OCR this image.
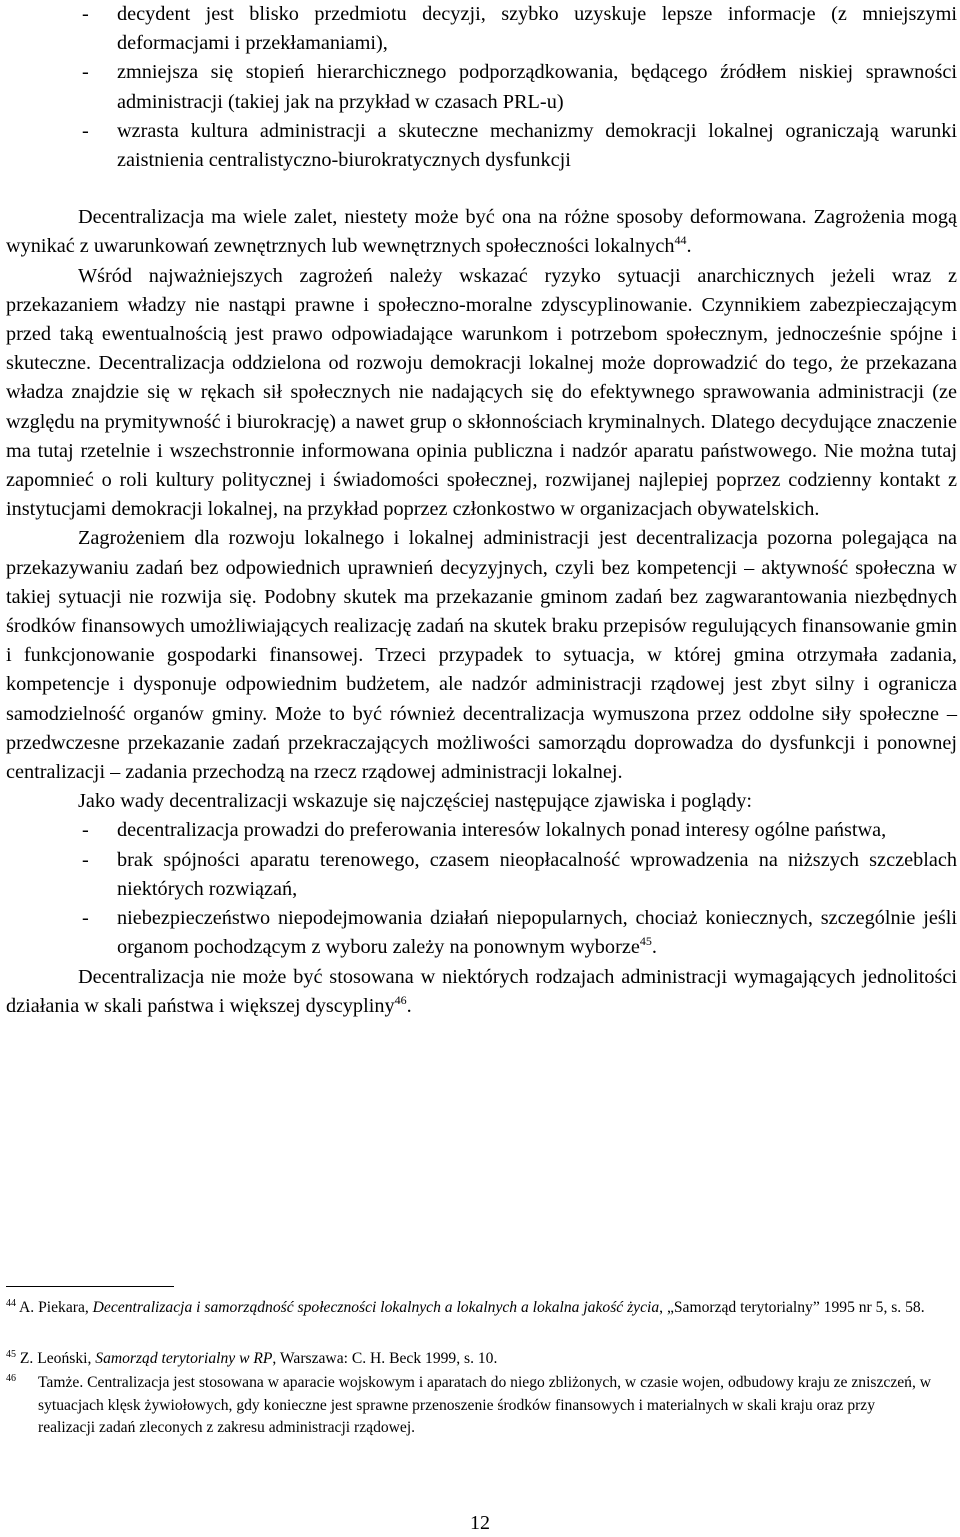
-	decydent jest blisko przedmiotu decyzji, szybko uzyskuje lepsze informacje (z mniejszymi deformacjami i przekłamaniami),
-	zmniejsza się stopień hierarchicznego podporządkowania, będącego źródłem niskiej sprawności administracji (takiej jak na przykład w czasach PRL-u)
-	wzrasta kultura administracji a skuteczne mechanizmy demokracji lokalnej ograniczają warunki zaistnienia centralistyczno-biurokratycznych dysfunkcji

Decentralizacja ma wiele zalet, niestety może być ona na różne sposoby deformowana. Zagrożenia mogą wynikać z uwarunkowań zewnętrznych lub wewnętrznych społeczności lokalnych$^{44}$.

Wśród najważniejszych zagrożeń należy wskazać ryzyko sytuacji anarchicznych jeżeli wraz z przekazaniem władzy nie nastąpi prawne i społeczno-moralne zdyscyplinowanie. Czynnikiem zabezpieczającym przed taką ewentualnością jest prawo odpowiadające warunkom i potrzebom społecznym, jednocześnie spójne i skuteczne. Decentralizacja oddzielona od rozwoju demokracji lokalnej może doprowadzić do tego, że przekazana władza znajdzie się w rękach sił społecznych nie nadających się do efektywnego sprawowania administracji (ze względu na prymitywność i biurokrację) a nawet grup o skłonnościach kryminalnych. Dlatego decydujące znaczenie ma tutaj rzetelnie i wszechstronnie informowana opinia publiczna i nadzór aparatu państwowego. Nie można tutaj zapomnieć o roli kultury politycznej i świadomości społecznej, rozwijanej najlepiej poprzez codzienny kontakt z instytucjami demokracji lokalnej, na przykład poprzez członkostwo w organizacjach obywatelskich.

Zagrożeniem dla rozwoju lokalnego i lokalnej administracji jest decentralizacja pozorna polegająca na przekazywaniu zadań bez odpowiednich uprawnień decyzyjnych, czyli bez kompetencji – aktywność społeczna w takiej sytuacji nie rozwija się. Podobny skutek ma przekazanie gminom zadań bez zagwarantowania niezbędnych środków finansowych umożliwiających realizację zadań na skutek braku przepisów regulujących finansowanie gmin i funkcjonowanie gospodarki finansowej. Trzeci przypadek to sytuacja, w której gmina otrzymała zadania, kompetencje i dysponuje odpowiednim budżetem, ale nadzór administracji rządowej jest zbyt silny i ogranicza samodzielność organów gminy. Może to być również decentralizacja wymuszona przez oddolne siły społeczne – przedwczesne przekazanie zadań przekraczających możliwości samorządu doprowadza do dysfunkcji i ponownej centralizacji – zadania przechodzą na rzecz rządowej administracji lokalnej.

Jako wady decentralizacji wskazuje się najczęściej następujące zjawiska i poglądy:

-	decentralizacja prowadzi do preferowania interesów lokalnych ponad interesy ogólne państwa,
-	brak spójności aparatu terenowego, czasem nieopłacalność wprowadzenia na niższych szczeblach niektórych rozwiązań,
-	niebezpieczeństwo niepodejmowania działań niepopularnych, chociaż koniecznych, szczególnie jeśli organom pochodzącym z wyboru zależy na ponownym wyborze$^{45}$.

Decentralizacja nie może być stosowana w niektórych rodzajach administracji wymagających jednolitości działania w skali państwa i większej dyscypliny$^{46}$.

$^{44}$ A. Piekara, Decentralizacja i samorządność społeczności lokalnych a lokalnych a lokalna jakość życia, „Samorząd terytorialny” 1995 nr 5, s. 58.
$^{45}$ Z. Leoński, Samorząd terytorialny w RP, Warszawa: C. H. Beck 1999, s. 10.
$^{46}$	Tamże. Centralizacja jest stosowana w aparacie wojskowym i aparatach do niego zbliżonych, w czasie wojen, odbudowy kraju ze zniszczeń, w sytuacjach klęsk żywiołowych, gdy konieczne jest sprawne przenoszenie środków finansowych i materialnych w skali kraju oraz przy realizacji zadań zleconych z zakresu administracji rządowej.
12
